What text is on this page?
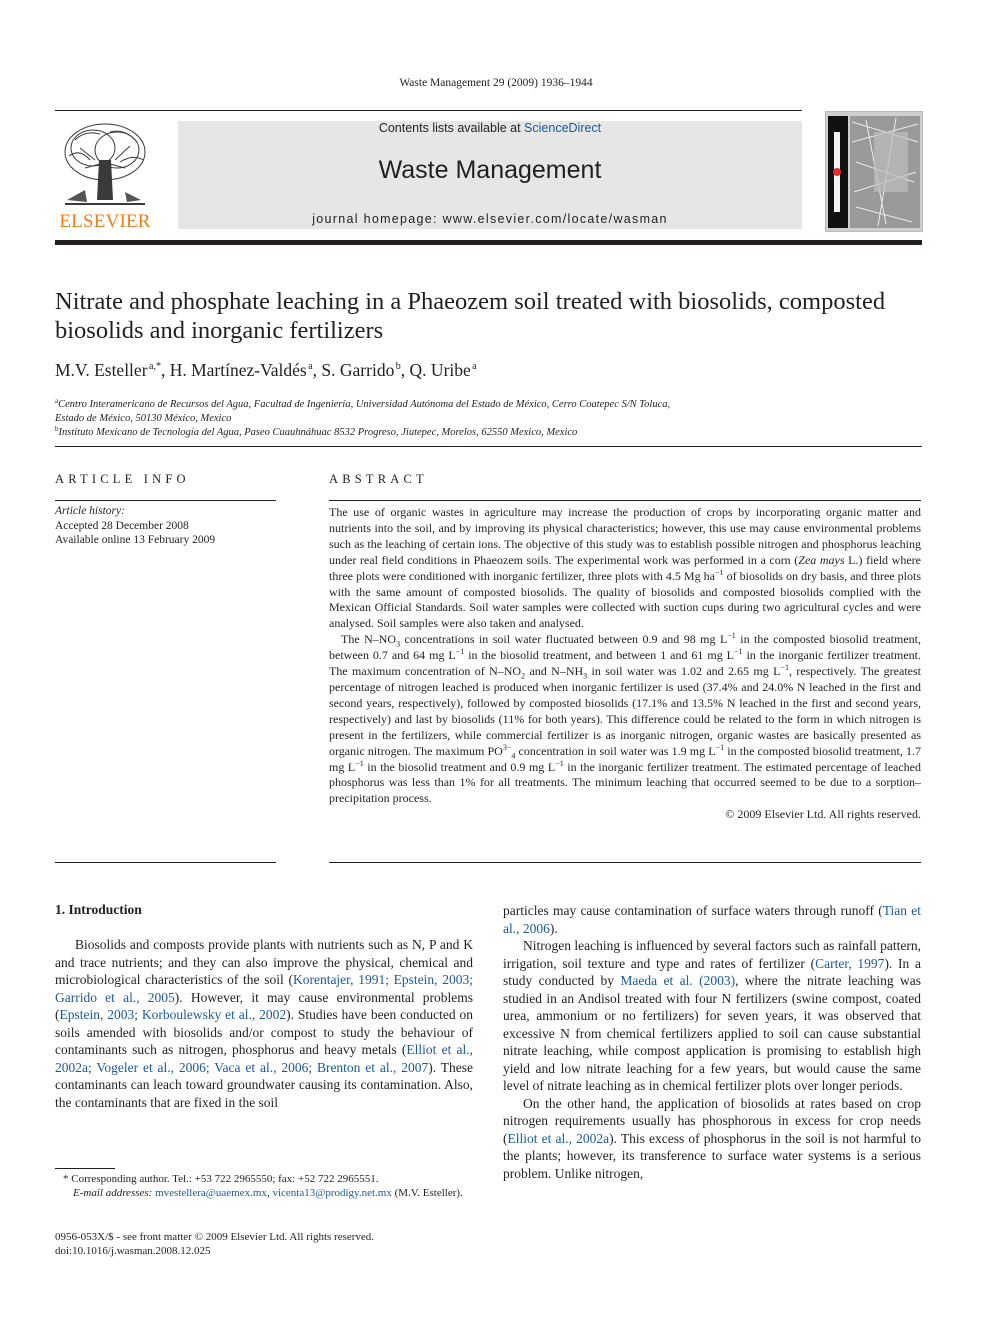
Waste Management 29 (2009) 1936–1944
ELSEVIER
Contents lists available at ScienceDirect
Waste Management
journal homepage: www.elsevier.com/locate/wasman
Nitrate and phosphate leaching in a Phaeozem soil treated with biosolids, composted biosolids and inorganic fertilizers
M.V. Esteller $^{a,*}$, H. Martínez-Valdés $^a$, S. Garrido $^b$, Q. Uribe $^a$
$^a$Centro Interamericano de Recursos del Agua, Facultad de Ingeniería, Universidad Autónoma del Estado de México, Cerro Coatepec S/N Toluca,
Estado de México, 50130 México, Mexico
$^b$Instituto Mexicano de Tecnología del Agua, Paseo Cuauhnáhuac 8532 Progreso, Jiutepec, Morelos, 62550 Mexico, Mexico
ARTICLE INFO
Article history:
Accepted 28 December 2008
Available online 13 February 2009
ABSTRACT

The use of organic wastes in agriculture may increase the production of crops by incorporating organic matter and nutrients into the soil, and by improving its physical characteristics; however, this use may cause environmental problems such as the leaching of certain ions. The objective of this study was to establish possible nitrogen and phosphorus leaching under real field conditions in Phaeozem soils. The experimental work was performed in a corn (Zea mays L.) field where three plots were conditioned with inorganic fertilizer, three plots with 4.5 Mg $ha^{-1}$ of biosolids on dry basis, and three plots with the same amount of composted biosolids. The quality of biosolids and composted biosolids complied with the Mexican Official Standards. Soil water samples were collected with suction cups during two agricultural cycles and were analysed. Soil samples were also taken and analysed.

The $N-NO_3$ concentrations in soil water fluctuated between 0.9 and 98 mg $L^{-1}$ in the composted biosolid treatment, between 0.7 and 64 mg $L^{-1}$ in the biosolid treatment, and between 1 and 61 mg $L^{-1}$ in the inorganic fertilizer treatment. The maximum concentration of $N-NO_2$ and $N-NH_3$ in soil water was 1.02 and 2.65 mg $L^{-1}$, respectively. The greatest percentage of nitrogen leached is produced when inorganic fertilizer is used (37.4% and 24.0% N leached in the first and second years, respectively), followed by composted biosolids (17.1% and 13.5% N leached in the first and second years, respectively) and last by biosolids (11% for both years). This difference could be related to the form in which nitrogen is present in the fertilizers, while commercial fertilizer is as inorganic nitrogen, organic wastes are basically presented as organic nitrogen. The maximum $PO^{3-}_4$ concentration in soil water was 1.9 mg $L^{-1}$ in the composted biosolid treatment, 1.7 mg $L^{-1}$ in the biosolid treatment and 0.9 mg $L^{-1}$ in the inorganic fertilizer treatment. The estimated percentage of leached phosphorus was less than 1% for all treatments. The minimum leaching that occurred seemed to be due to a sorption–precipitation process.

© 2009 Elsevier Ltd. All rights reserved.

1. Introduction

Biosolids and composts provide plants with nutrients such as N, P and K and trace nutrients; and they can also improve the physical, chemical and microbiological characteristics of the soil (Korentajer, 1991; Epstein, 2003; Garrido et al., 2005). However, it may cause environmental problems (Epstein, 2003; Korboulewsky et al., 2002). Studies have been conducted on soils amended with biosolids and/or compost to study the behaviour of contaminants such as nitrogen, phosphorus and heavy metals (Elliot et al., 2002a; Vogeler et al., 2006; Vaca et al., 2006; Brenton et al., 2007). These contaminants can leach toward groundwater causing its contamination. Also, the contaminants that are fixed in the soil

particles may cause contamination of surface waters through runoff (Tian et al., 2006).

Nitrogen leaching is influenced by several factors such as rainfall pattern, irrigation, soil texture and type and rates of fertilizer (Carter, 1997). In a study conducted by Maeda et al. (2003), where the nitrate leaching was studied in an Andisol treated with four N fertilizers (swine compost, coated urea, ammonium or no fertilizers) for seven years, it was observed that excessive N from chemical fertilizers applied to soil can cause substantial nitrate leaching, while compost application is promising to establish high yield and low nitrate leaching for a few years, but would cause the same level of nitrate leaching as in chemical fertilizer plots over longer periods.

On the other hand, the application of biosolids at rates based on crop nitrogen requirements usually has phosphorous in excess for crop needs (Elliot et al., 2002a). This excess of phosphorus in the soil is not harmful to the plants; however, its transference to surface water systems is a serious problem. Unlike nitrogen,

* Corresponding author. Tel.: +53 722 2965550; fax: +52 722 2965551.
E-mail addresses: mvestellera@uaemex.mx, vicenta13@prodigy.net.mx (M.V. Esteller).
0956-053X/$ - see front matter © 2009 Elsevier Ltd. All rights reserved.
doi:10.1016/j.wasman.2008.12.025
